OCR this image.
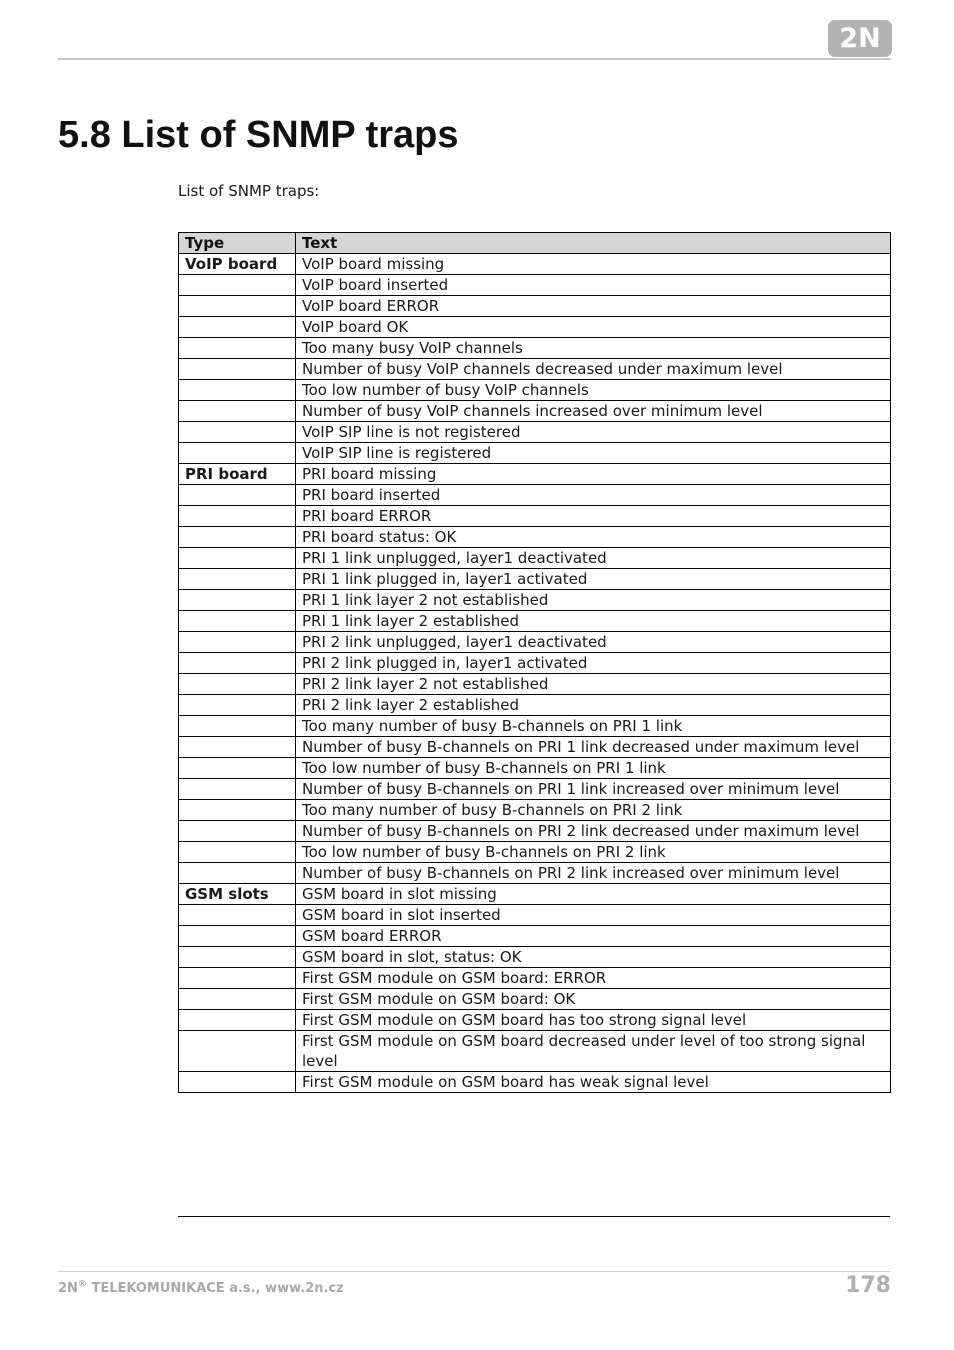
2N
5.8 List of SNMP traps
List of SNMP traps:
Type	Text
VoIP board	VoIP board missing
	VoIP board inserted
	VoIP board ERROR
	VoIP board OK
	Too many busy VoIP channels
	Number of busy VoIP channels decreased under maximum level
	Too low number of busy VoIP channels
	Number of busy VoIP channels increased over minimum level
	VoIP SIP line is not registered
	VoIP SIP line is registered
PRI board	PRI board missing
	PRI board inserted
	PRI board ERROR
	PRI board status: OK
	PRI 1 link unplugged, layer1 deactivated
	PRI 1 link plugged in, layer1 activated
	PRI 1 link layer 2 not established
	PRI 1 link layer 2 established
	PRI 2 link unplugged, layer1 deactivated
	PRI 2 link plugged in, layer1 activated
	PRI 2 link layer 2 not established
	PRI 2 link layer 2 established
	Too many number of busy B-channels on PRI 1 link
	Number of busy B-channels on PRI 1 link decreased under maximum level
	Too low number of busy B-channels on PRI 1 link
	Number of busy B-channels on PRI 1 link increased over minimum level
	Too many number of busy B-channels on PRI 2 link
	Number of busy B-channels on PRI 2 link decreased under maximum level
	Too low number of busy B-channels on PRI 2 link
	Number of busy B-channels on PRI 2 link increased over minimum level
GSM slots	GSM board in slot missing
	GSM board in slot inserted
	GSM board ERROR
	GSM board in slot, status: OK
	First GSM module on GSM board: ERROR
	First GSM module on GSM board: OK
	First GSM module on GSM board has too strong signal level
	First GSM module on GSM board decreased under level of too strong signal level
	First GSM module on GSM board has weak signal level
2N® TELEKOMUNIKACE a.s., www.2n.cz	178
